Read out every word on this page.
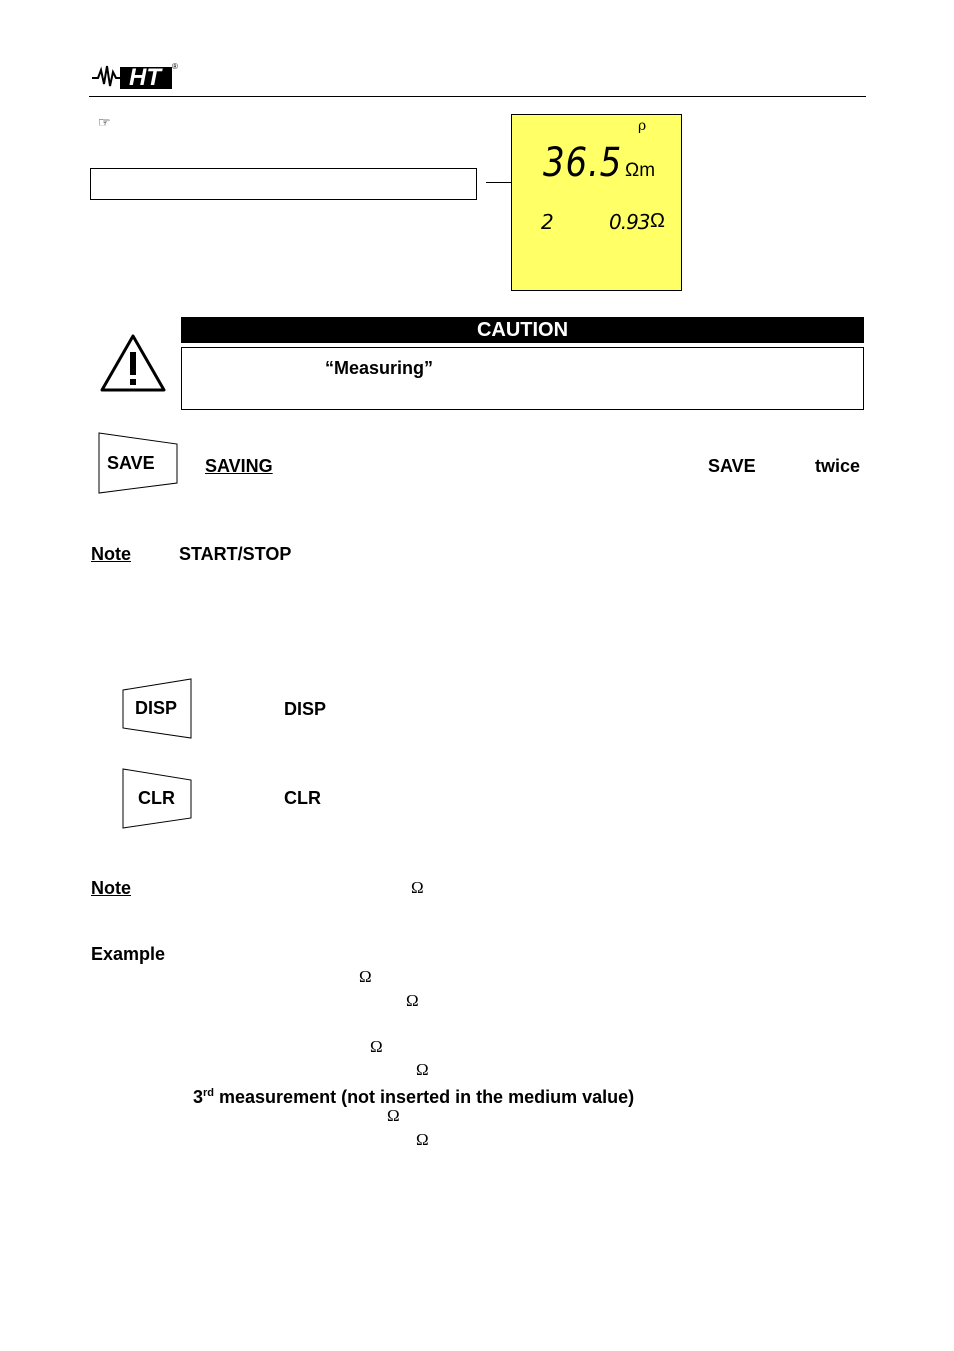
HT ®
☞	ρ
36.5 Ωm
2	0.93 Ω
CAUTION
“Measuring”
SAVE	SAVING	SAVE	twice
Note	START/STOP
DISP	DISP
CLR	CLR
Note	Ω
Example
Ω
Ω
Ω
Ω
3rd measurement (not inserted in the medium value)
Ω
Ω
